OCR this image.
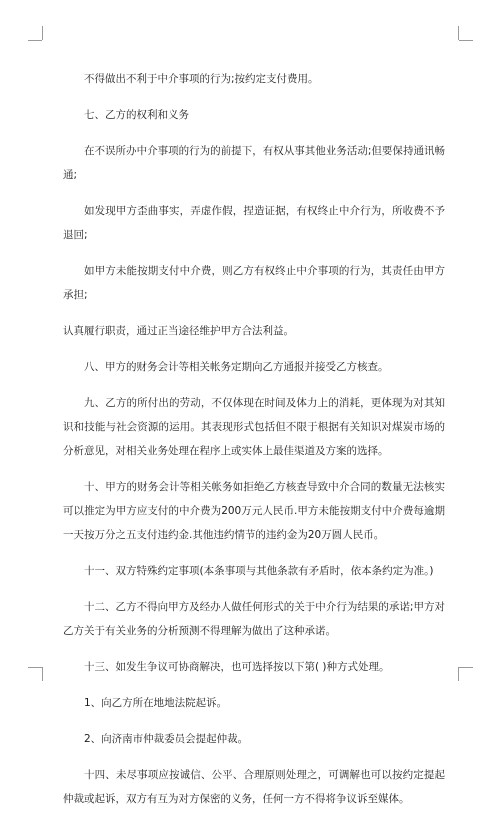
不得做出不利于中介事项的行为;按约定支付费用。

七、乙方的权利和义务

在不误所办中介事项的行为的前提下，有权从事其他业务活动;但要保持通讯畅通;

如发现甲方歪曲事实，弄虚作假，捏造证据，有权终止中介行为，所收费不予退回;

如甲方未能按期支付中介费，则乙方有权终止中介事项的行为，其责任由甲方承担;

认真履行职责，通过正当途径维护甲方合法利益。

八、甲方的财务会计等相关帐务定期向乙方通报并接受乙方核查。

九、乙方的所付出的劳动，不仅体现在时间及体力上的消耗，更体现为对其知识和技能与社会资源的运用。其表现形式包括但不限于根据有关知识对煤炭市场的分析意见，对相关业务处理在程序上或实体上最佳渠道及方案的选择。

十、甲方的财务会计等相关帐务如拒绝乙方核查导致中介合同的数量无法核实可以推定为甲方应支付的中介费为200万元人民币.甲方未能按期支付中介费每逾期一天按万分之五支付违约金.其他违约情节的违约金为20万圆人民币。

十一、双方特殊约定事项(本条事项与其他条款有矛盾时，依本条约定为准。)

十二、乙方不得向甲方及经办人做任何形式的关于中介行为结果的承诺;甲方对乙方关于有关业务的分析预测不得理解为做出了这种承诺。

十三、如发生争议可协商解决，也可选择按以下第( )种方式处理。

1、向乙方所在地地法院起诉。

2、向济南市仲裁委员会提起仲裁。

十四、未尽事项应按诚信、公平、合理原则处理之，可调解也可以按约定提起仲裁或起诉，双方有互为对方保密的义务，任何一方不得将争议诉至媒体。
